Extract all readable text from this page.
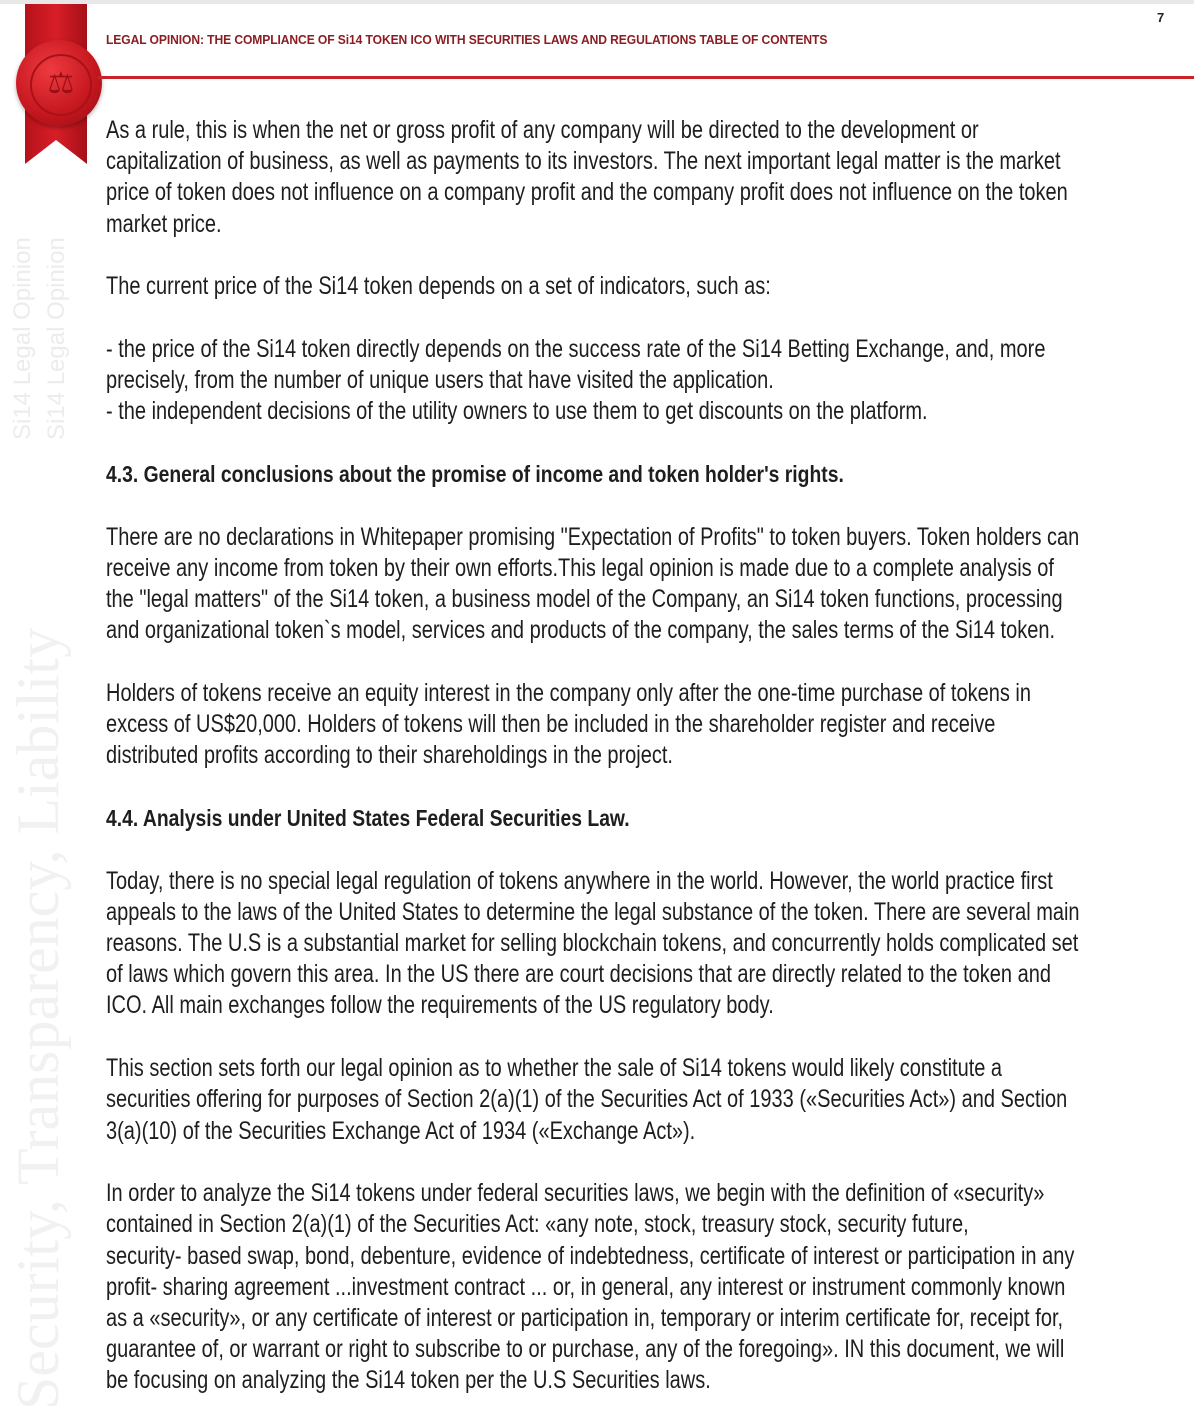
Security, Transparency, Liability
Si14 Legal Opinion Si14 Legal Opinion
⚖
LEGAL OPINION: THE COMPLIANCE OF Si14 TOKEN ICO WITH SECURITIES LAWS AND REGULATIONS TABLE OF CONTENTS
7
As a rule, this is when the net or gross profit of any company will be directed to the development or
capitalization of business, as well as payments to its investors. The next important legal matter is the market
price of token does not influence on a company profit and the company profit does not influence on the token
market price.
The current price of the Si14 token depends on a set of indicators, such as:
- the price of the Si14 token directly depends on the success rate of the Si14 Betting Exchange, and, more
precisely, from the number of unique users that have visited the application.
- the independent decisions of the utility owners to use them to get discounts on the platform.
4.3. General conclusions about the promise of income and token holder's rights.
There are no declarations in Whitepaper promising "Expectation of Profits" to token buyers. Token holders can
receive any income from token by their own efforts.This legal opinion is made due to a complete analysis of
the "legal matters" of the Si14 token, a business model of the Company, an Si14 token functions, processing
and organizational token`s model, services and products of the company, the sales terms of the Si14 token.
Holders of tokens receive an equity interest in the company only after the one-time purchase of tokens in
excess of US$20,000. Holders of tokens will then be included in the shareholder register and receive
distributed profits according to their shareholdings in the project.
4.4. Analysis under United States Federal Securities Law.
Today, there is no special legal regulation of tokens anywhere in the world. However, the world practice first
appeals to the laws of the United States to determine the legal substance of the token. There are several main
reasons. The U.S is a substantial market for selling blockchain tokens, and concurrently holds complicated set
of laws which govern this area. In the US there are court decisions that are directly related to the token and
ICO. All main exchanges follow the requirements of the US regulatory body.
This section sets forth our legal opinion as to whether the sale of Si14 tokens would likely constitute a
securities offering for purposes of Section 2(a)(1) of the Securities Act of 1933 («Securities Act») and Section
3(a)(10) of the Securities Exchange Act of 1934 («Exchange Act»).
In order to analyze the Si14 tokens under federal securities laws, we begin with the definition of «security»
contained in Section 2(a)(1) of the Securities Act: «any note, stock, treasury stock, security future,
security- based swap, bond, debenture, evidence of indebtedness, certificate of interest or participation in any
profit- sharing agreement ...investment contract ... or, in general, any interest or instrument commonly known
as a «security», or any certificate of interest or participation in, temporary or interim certificate for, receipt for,
guarantee of, or warrant or right to subscribe to or purchase, any of the foregoing». IN this document, we will
be focusing on analyzing the Si14 token per the U.S Securities laws.
